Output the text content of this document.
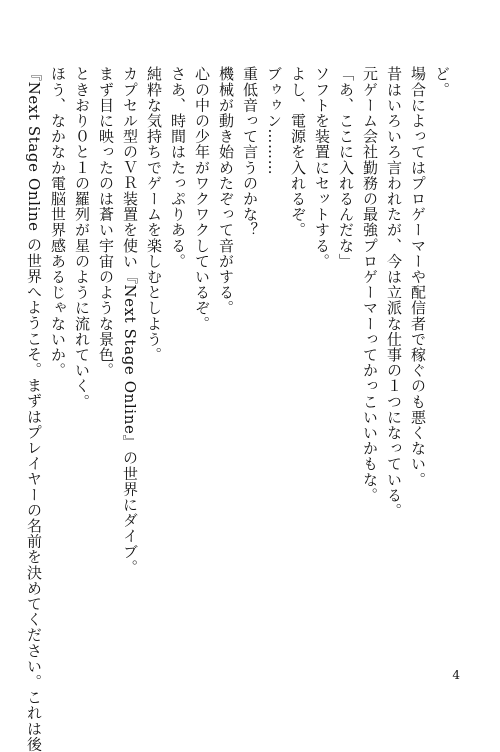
ど。
場合によってはプロゲーマーや配信者で稼ぐのも悪くない。
昔はいろいろ言われたが、今は立派な仕事の１つになっている。
元ゲーム会社勤務の最強プロゲーマーってかっこいいかもな。
「あ、ここに入れるんだな」
ソフトを装置にセットする。
よし、電源を入れるぞ。
ブゥゥン………
重低音って言うのかな？
機械が動き始めたぞって音がする。
心の中の少年がワクワクしているぞ。
さあ、時間はたっぷりある。
純粋な気持ちでゲームを楽しむとしよう。
カプセル型のＶＲ装置を使い『Next Stage Online』の世界にダイブ。
まず目に映ったのは蒼い宇宙のような景色。
ときおり０と１の羅列が星のように流れていく。
ほう、なかなか電脳世界感あるじゃないか。
『Next Stage Online の世界へようこそ。まずはプレイヤーの名前を決めてください。これは後	4
